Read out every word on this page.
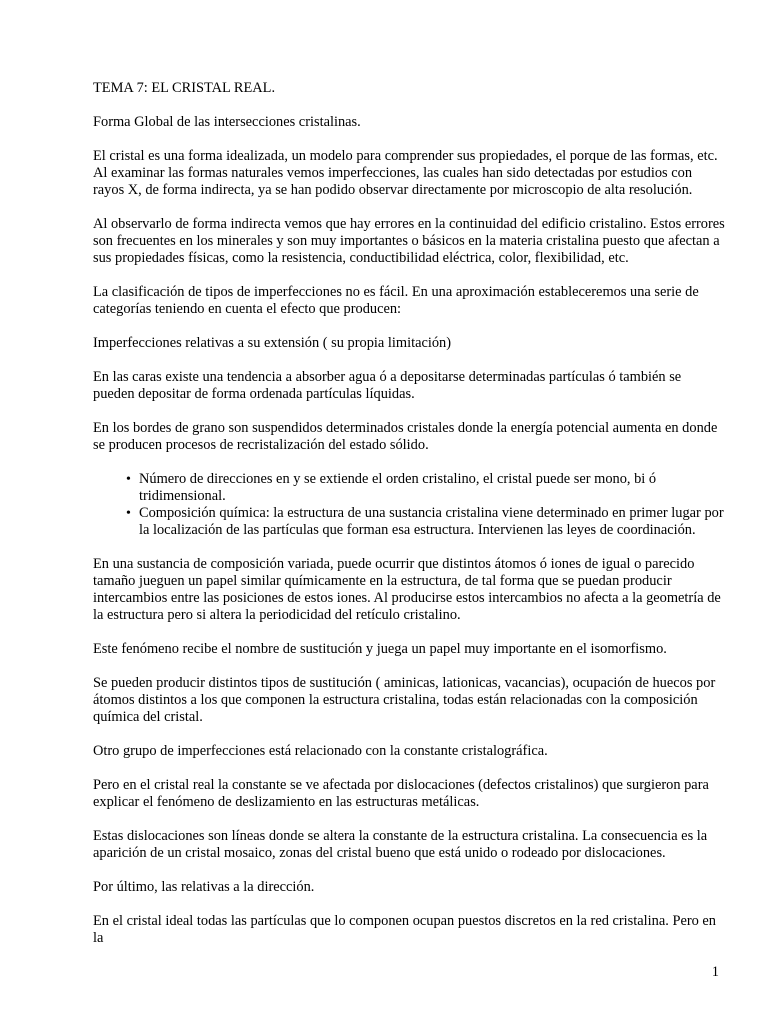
TEMA 7: EL CRISTAL REAL.

Forma Global de las intersecciones cristalinas.

El cristal es una forma idealizada, un modelo para comprender sus propiedades, el porque de las formas, etc. Al examinar las formas naturales vemos imperfecciones, las cuales han sido detectadas por estudios con rayos X, de forma indirecta, ya se han podido observar directamente por microscopio de alta resolución.

Al observarlo de forma indirecta vemos que hay errores en la continuidad del edificio cristalino. Estos errores son frecuentes en los minerales y son muy importantes o básicos en la materia cristalina puesto que afectan a sus propiedades físicas, como la resistencia, conductibilidad eléctrica, color, flexibilidad, etc.

La clasificación de tipos de imperfecciones no es fácil. En una aproximación estableceremos una serie de categorías teniendo en cuenta el efecto que producen:

Imperfecciones relativas a su extensión ( su propia limitación)

En las caras existe una tendencia a absorber agua ó a depositarse determinadas partículas ó también se pueden depositar de forma ordenada partículas líquidas.

En los bordes de grano son suspendidos determinados cristales donde la energía potencial aumenta en donde se producen procesos de recristalización del estado sólido.

• Número de direcciones en y se extiende el orden cristalino, el cristal puede ser mono, bi ó tridimensional.
• Composición química: la estructura de una sustancia cristalina viene determinado en primer lugar por la localización de las partículas que forman esa estructura. Intervienen las leyes de coordinación.

En una sustancia de composición variada, puede ocurrir que distintos átomos ó iones de igual o parecido tamaño jueguen un papel similar químicamente en la estructura, de tal forma que se puedan producir intercambios entre las posiciones de estos iones. Al producirse estos intercambios no afecta a la geometría de la estructura pero si altera la periodicidad del retículo cristalino.

Este fenómeno recibe el nombre de sustitución y juega un papel muy importante en el isomorfismo.

Se pueden producir distintos tipos de sustitución ( aminicas, lationicas, vacancias), ocupación de huecos por átomos distintos a los que componen la estructura cristalina, todas están relacionadas con la composición química del cristal.

Otro grupo de imperfecciones está relacionado con la constante cristalográfica.

Pero en el cristal real la constante se ve afectada por dislocaciones (defectos cristalinos) que surgieron para explicar el fenómeno de deslizamiento en las estructuras metálicas.

Estas dislocaciones son líneas donde se altera la constante de la estructura cristalina. La consecuencia es la aparición de un cristal mosaico, zonas del cristal bueno que está unido o rodeado por dislocaciones.

Por último, las relativas a la dirección.

En el cristal ideal todas las partículas que lo componen ocupan puestos discretos en la red cristalina. Pero en la

1
